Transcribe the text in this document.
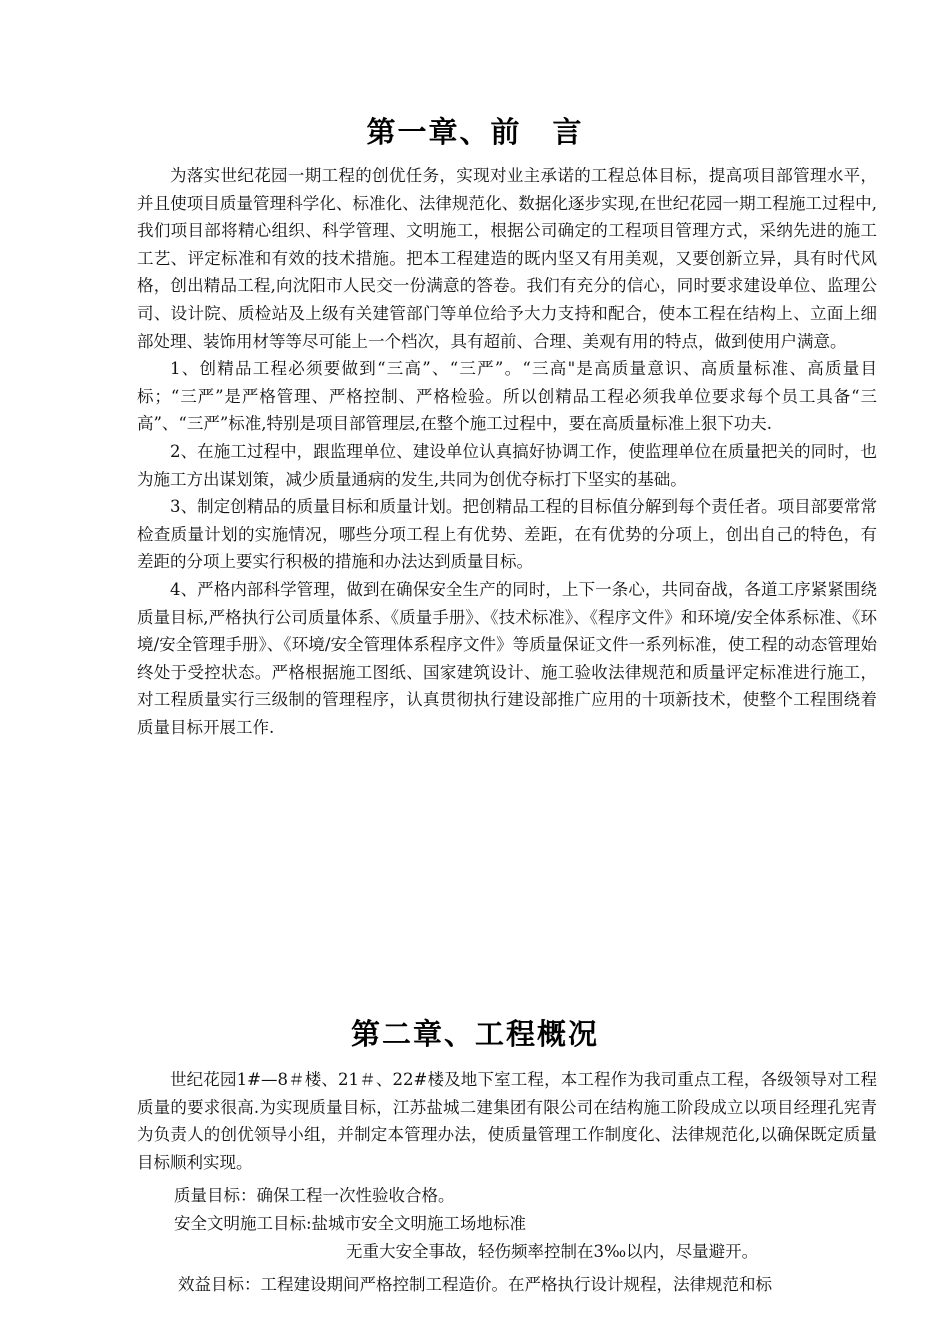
第一章、前　言

为落实世纪花园一期工程的创优任务，实现对业主承诺的工程总体目标，提高项目部管理水平，并且使项目质量管理科学化、标准化、法律规范化、数据化逐步实现,在世纪花园一期工程施工过程中,我们项目部将精心组织、科学管理、文明施工，根据公司确定的工程项目管理方式，采纳先进的施工工艺、评定标准和有效的技术措施。把本工程建造的既内坚又有用美观，又要创新立异，具有时代风格，创出精品工程,向沈阳市人民交一份满意的答卷。我们有充分的信心，同时要求建设单位、监理公司、设计院、质检站及上级有关建管部门等单位给予大力支持和配合，使本工程在结构上、立面上细部处理、装饰用材等等尽可能上一个档次，具有超前、合理、美观有用的特点，做到使用户满意。

1、创精品工程必须要做到“三高”、“三严”。“三高"是高质量意识、高质量标准、高质量目标；“三严”是严格管理、严格控制、严格检验。所以创精品工程必须我单位要求每个员工具备“三高”、“三严”标准,特别是项目部管理层,在整个施工过程中，要在高质量标准上狠下功夫.

2、在施工过程中，跟监理单位、建设单位认真搞好协调工作，使监理单位在质量把关的同时，也为施工方出谋划策，减少质量通病的发生,共同为创优夺标打下坚实的基础。

3、制定创精品的质量目标和质量计划。把创精品工程的目标值分解到每个责任者。项目部要常常检查质量计划的实施情况，哪些分项工程上有优势、差距，在有优势的分项上，创出自己的特色，有差距的分项上要实行积极的措施和办法达到质量目标。

4、严格内部科学管理，做到在确保安全生产的同时，上下一条心，共同奋战，各道工序紧紧围绕质量目标,严格执行公司质量体系、《质量手册》、《技术标准》、《程序文件》和环境/安全体系标准、《环境/安全管理手册》、《环境/安全管理体系程序文件》等质量保证文件一系列标准，使工程的动态管理始终处于受控状态。严格根据施工图纸、国家建筑设计、施工验收法律规范和质量评定标准进行施工，对工程质量实行三级制的管理程序，认真贯彻执行建设部推广应用的十项新技术，使整个工程围绕着质量目标开展工作.

第二章、工程概况

世纪花园1#—8＃楼、21＃、22#楼及地下室工程，本工程作为我司重点工程，各级领导对工程质量的要求很高.为实现质量目标，江苏盐城二建集团有限公司在结构施工阶段成立以项目经理孔宪青为负责人的创优领导小组，并制定本管理办法，使质量管理工作制度化、法律规范化,以确保既定质量目标顺利实现。

质量目标：确保工程一次性验收合格。
安全文明施工目标:盐城市安全文明施工场地标准
无重大安全事故，轻伤频率控制在3‰以内，尽量避开。
效益目标：工程建设期间严格控制工程造价。在严格执行设计规程，法律规范和标
